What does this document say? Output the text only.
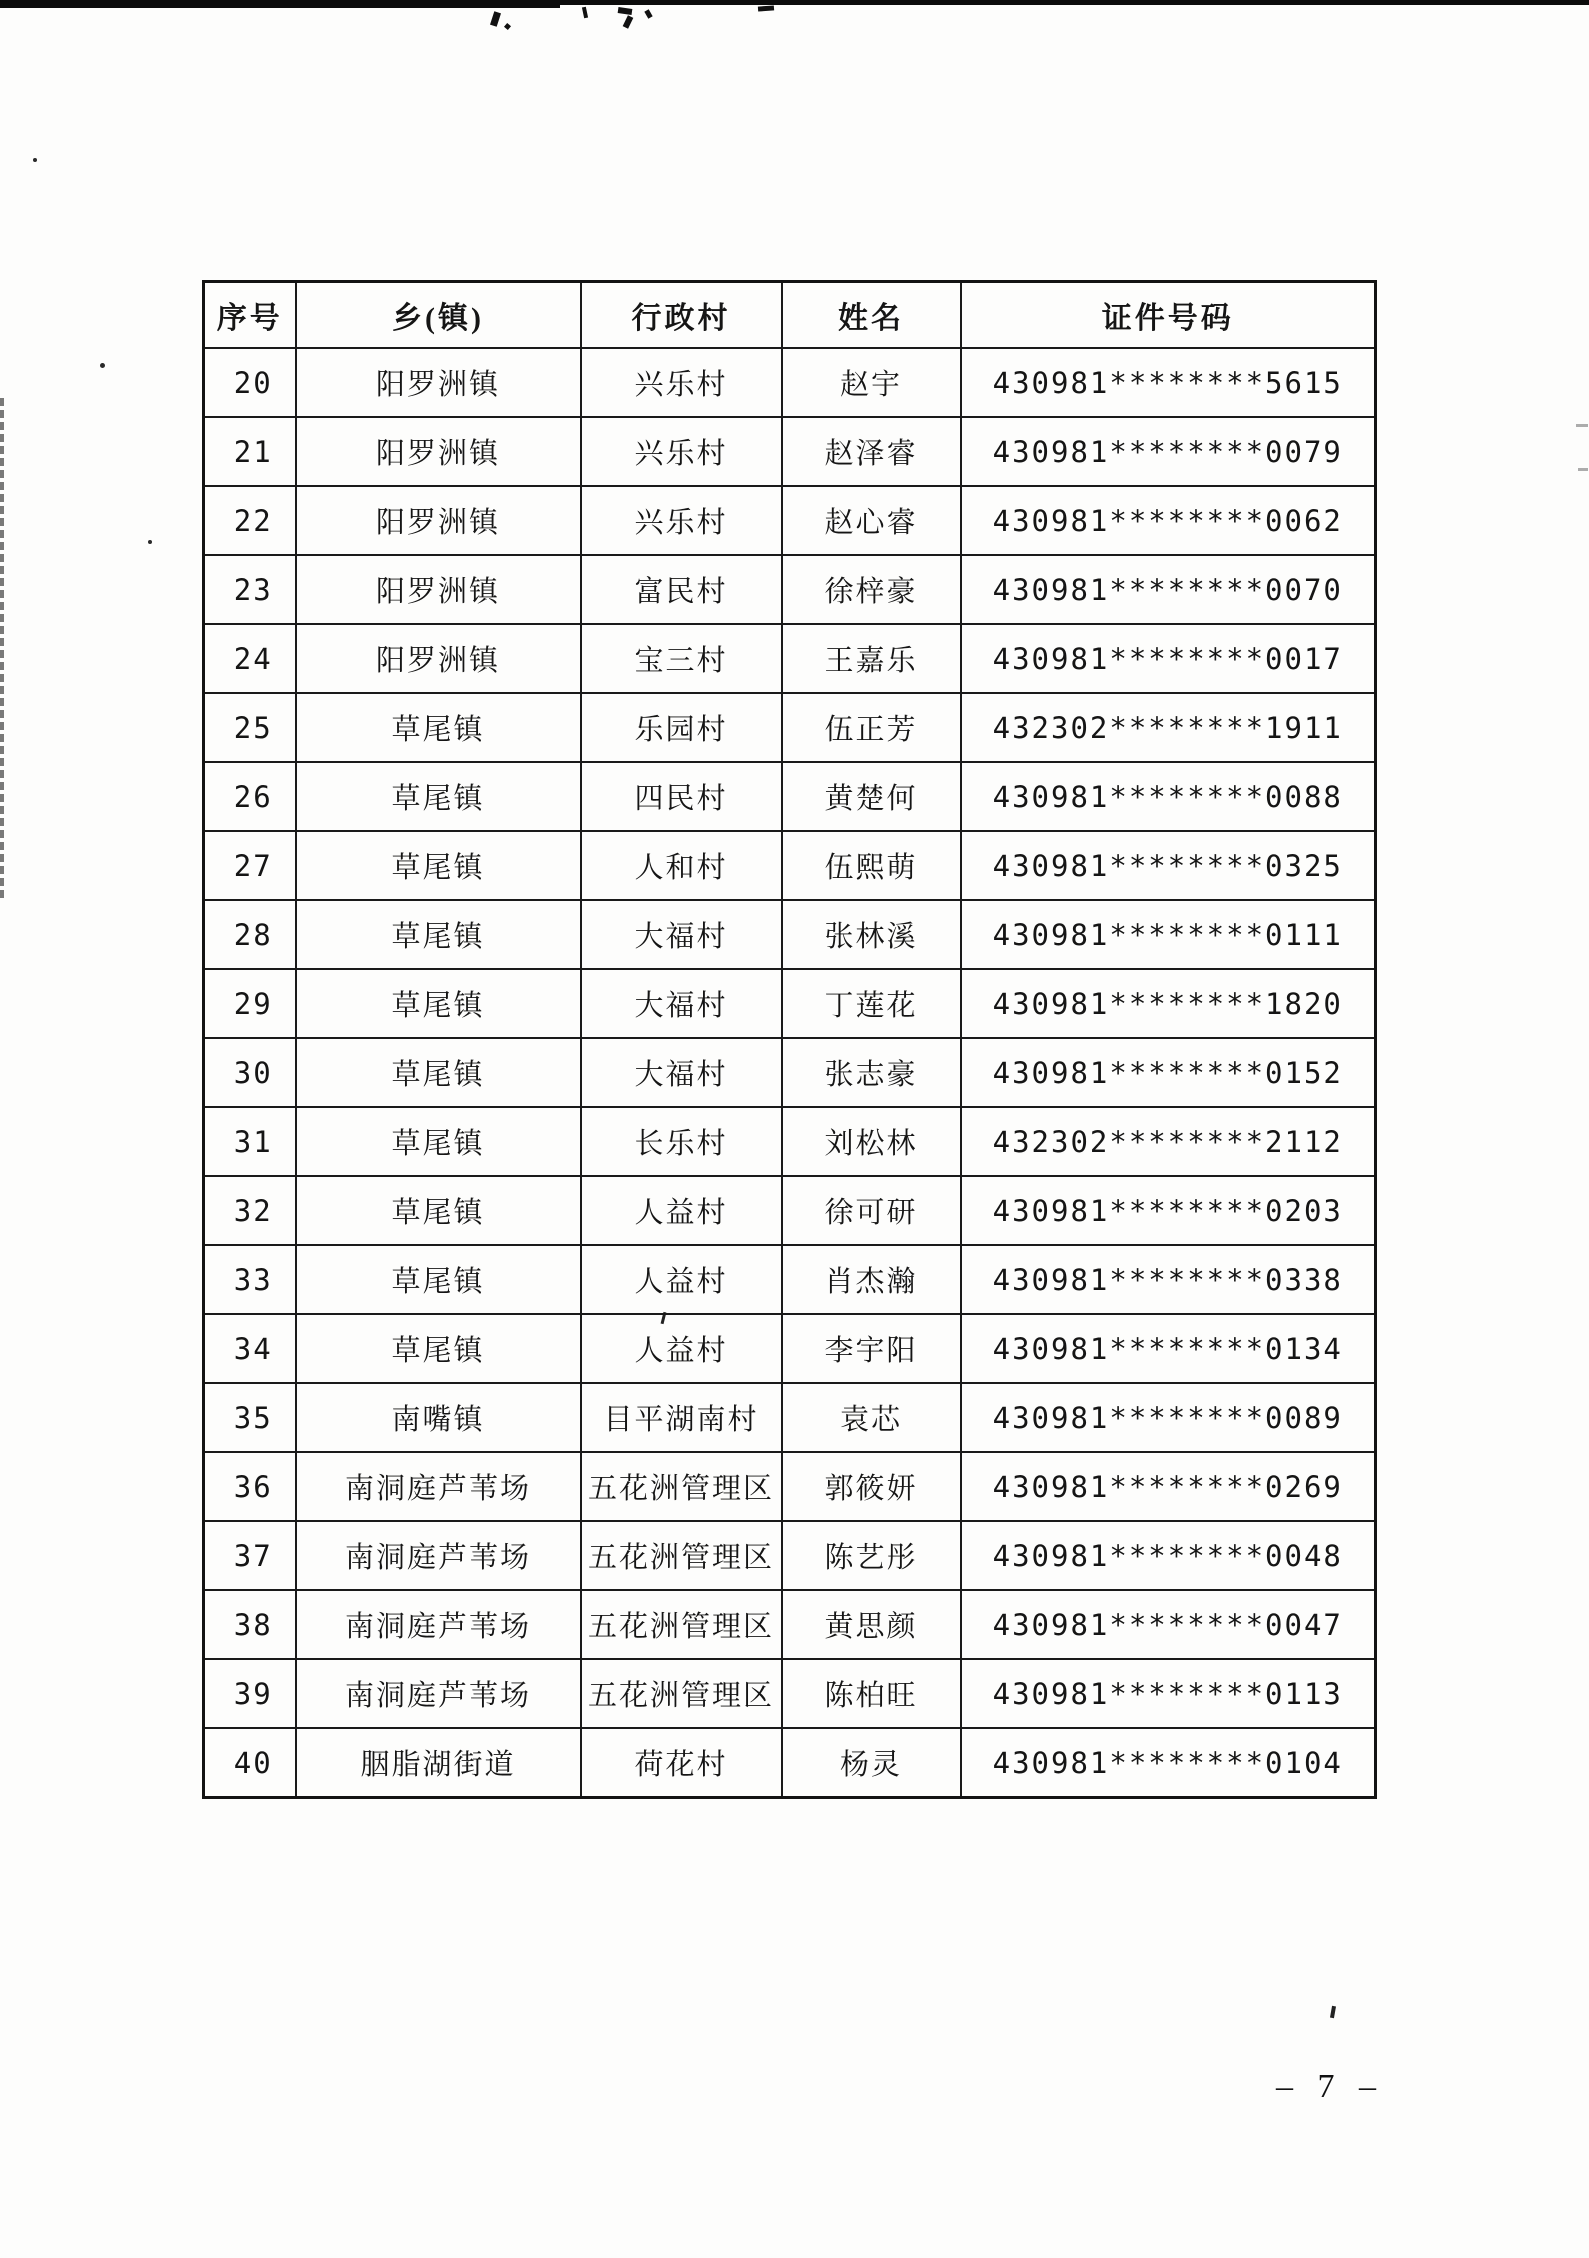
序号	乡(镇)	行政村	姓名	证件号码
20	阳罗洲镇	兴乐村	赵宇	430981********5615
21	阳罗洲镇	兴乐村	赵泽睿	430981********0079
22	阳罗洲镇	兴乐村	赵心睿	430981********0062
23	阳罗洲镇	富民村	徐梓豪	430981********0070
24	阳罗洲镇	宝三村	王嘉乐	430981********0017
25	草尾镇	乐园村	伍正芳	432302********1911
26	草尾镇	四民村	黄楚何	430981********0088
27	草尾镇	人和村	伍熙萌	430981********0325
28	草尾镇	大福村	张林溪	430981********0111
29	草尾镇	大福村	丁莲花	430981********1820
30	草尾镇	大福村	张志豪	430981********0152
31	草尾镇	长乐村	刘松林	432302********2112
32	草尾镇	人益村	徐可研	430981********0203
33	草尾镇	人益村	肖杰瀚	430981********0338
34	草尾镇	人益村	李宇阳	430981********0134
35	南嘴镇	目平湖南村	袁芯	430981********0089
36	南洞庭芦苇场	五花洲管理区	郭筱妍	430981********0269
37	南洞庭芦苇场	五花洲管理区	陈艺彤	430981********0048
38	南洞庭芦苇场	五花洲管理区	黄思颜	430981********0047
39	南洞庭芦苇场	五花洲管理区	陈柏旺	430981********0113
40	胭脂湖街道	荷花村	杨灵	430981********0104
– 7 –
